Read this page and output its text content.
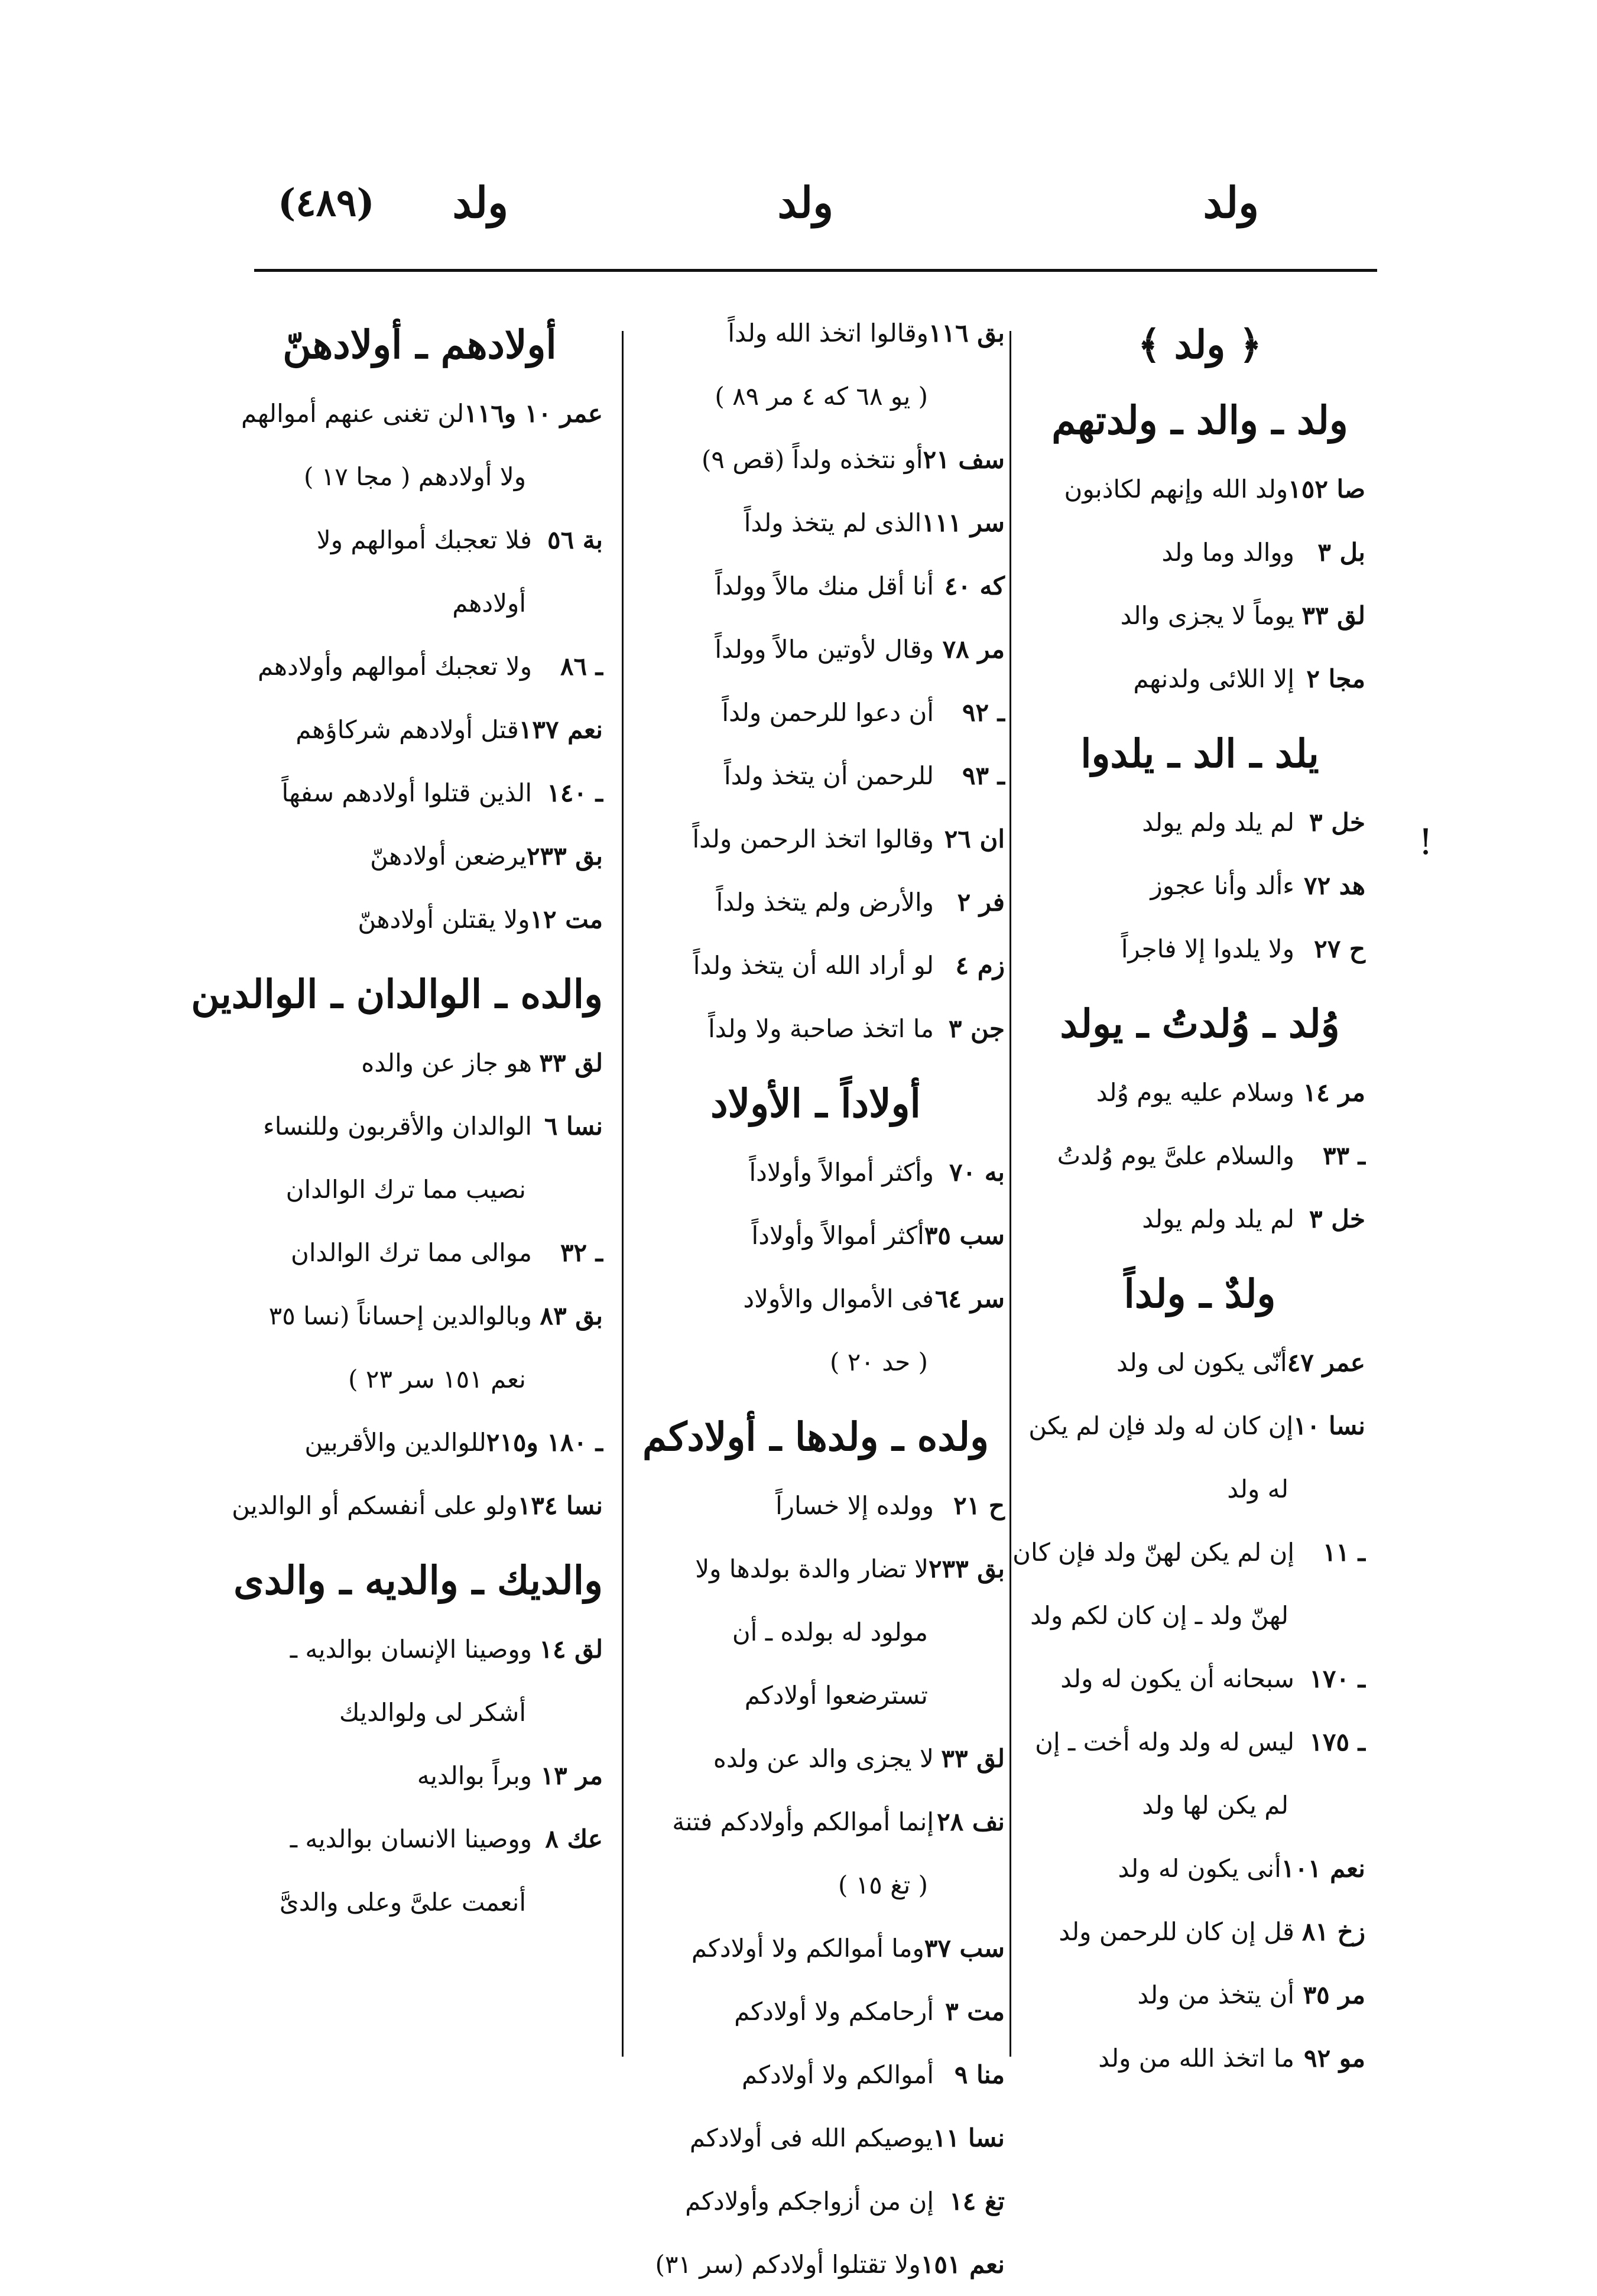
ولد
ولد
ولد
(٤٨٩)
!
﴿ ولد ﴾
ولد ـ والد ـ ولدتهم
صا ١٥٢ولد الله وإنهم لكاذبون
بل ٣ووالد وما ولد
لق ٣٣يوماً لا يجزى والد
مجا ٢إلا اللائى ولدنهم
يلد ـ الد ـ يلدوا
خل ٣لم يلد ولم يولد
هد ٧٢ءألد وأنا عجوز
ح ٢٧ولا يلدوا إلا فاجراً
وُلد ـ وُلدتُ ـ يولد
مر ١٤وسلام عليه يوم وُلد
ـ ٣٣والسلام علىَّ يوم وُلدتُ
خل ٣لم يلد ولم يولد
ولدٌ ـ ولداً
عمر ٤٧أنّى يكون لى ولد
نسا ١٠إن كان له ولد فإن لم يكن
له ولد
ـ ١١إن لم يكن لهنّ ولد فإن كان
لهنّ ولد ـ إن كان لكم ولد
ـ ١٧٠سبحانه أن يكون له ولد
ـ ١٧٥ليس له ولد وله أخت ـ إن
لم يكن لها ولد
نعم ١٠١أنى يكون له ولد
زخ ٨١قل إن كان للرحمن ولد
مر ٣٥أن يتخذ من ولد
مو ٩٢ما اتخذ الله من ولد
بق ١١٦وقالوا اتخذ الله ولداً
( يو ٦٨ كه ٤ مر ٨٩ )
سف ٢١أو نتخذه ولداً (قص ٩)
سر ١١١الذى لم يتخذ ولداً
كه ٤٠أنا أقل منك مالاً وولداً
مر ٧٨وقال لأوتين مالاً وولداً
ـ ٩٢أن دعوا للرحمن ولداً
ـ ٩٣للرحمن أن يتخذ ولداً
ان ٢٦وقالوا اتخذ الرحمن ولداً
فر ٢والأرض ولم يتخذ ولداً
زم ٤لو أراد الله أن يتخذ ولداً
جن ٣ما اتخذ صاحبة ولا ولداً
أولاداً ـ الأولاد
به ٧٠وأكثر أموالاً وأولاداً
سب ٣٥أكثر أموالاً وأولاداً
سر ٦٤فى الأموال والأولاد
( حد ٢٠ )
ولده ـ ولدها ـ أولادكم
ح ٢١وولده إلا خساراً
بق ٢٣٣لا تضار والدة بولدها ولا
مولود له بولده ـ أن
تسترضعوا أولادكم
لق ٣٣لا يجزى والد عن ولده
نف ٢٨إنما أموالكم وأولادكم فتنة
( تغ ١٥ )
سب ٣٧وما أموالكم ولا أولادكم
مت ٣أرحامكم ولا أولادكم
منا ٩أموالكم ولا أولادكم
نسا ١١يوصيكم الله فى أولادكم
تغ ١٤إن من أزواجكم وأولادكم
نعم ١٥١ولا تقتلوا أولادكم (سر ٣١)
أولادهم ـ أولادهنّ
عمر ١٠ و١١٦لن تغنى عنهم أموالهم
ولا أولادهم ( مجا ١٧ )
بة ٥٦فلا تعجبك أموالهم ولا
أولادهم
ـ ٨٦ولا تعجبك أموالهم وأولادهم
نعم ١٣٧قتل أولادهم شركاؤهم
ـ ١٤٠الذين قتلوا أولادهم سفهاً
بق ٢٣٣يرضعن أولادهنّ
مت ١٢ولا يقتلن أولادهنّ
والده ـ الوالدان ـ الوالدين
لق ٣٣هو جاز عن والده
نسا ٦الوالدان والأقربون وللنساء
نصيب مما ترك الوالدان
ـ ٣٢موالى مما ترك الوالدان
بق ٨٣وبالوالدين إحساناً (نسا ٣٥
نعم ١٥١ سر ٢٣ )
ـ ١٨٠ و٢١٥للوالدين والأقربين
نسا ١٣٤ولو على أنفسكم أو الوالدين
والديك ـ والديه ـ والدى
لق ١٤ووصينا الإنسان بوالديه ـ
أشكر لى ولوالديك
مر ١٣وبراً بوالديه
عك ٨ووصينا الانسان بوالديه ـ
أنعمت علىَّ وعلى والدىَّ
